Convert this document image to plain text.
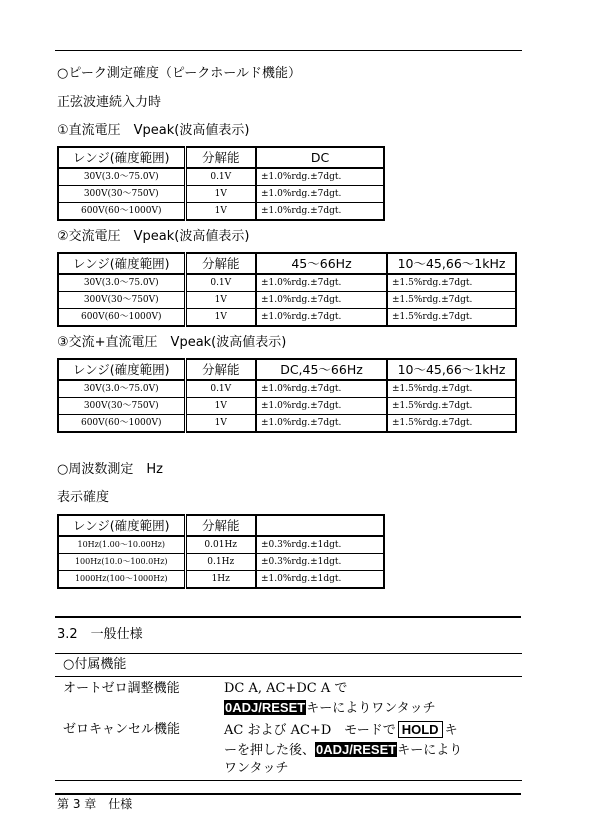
○ピーク測定確度（ピークホールド機能）
正弦波連続入力時
①直流電圧　Vpeak(波高値表示)
レンジ(確度範囲)	分解能	DC
30V(3.0～75.0V)	0.1V	±1.0%rdg.±7dgt.
300V(30～750V)	1V	±1.0%rdg.±7dgt.
600V(60～1000V)	1V	±1.0%rdg.±7dgt.
②交流電圧　Vpeak(波高値表示)
レンジ(確度範囲)	分解能	45～66Hz	10～45,66～1kHz
30V(3.0～75.0V)	0.1V	±1.0%rdg.±7dgt.	±1.5%rdg.±7dgt.
300V(30～750V)	1V	±1.0%rdg.±7dgt.	±1.5%rdg.±7dgt.
600V(60～1000V)	1V	±1.0%rdg.±7dgt.	±1.5%rdg.±7dgt.
③交流+直流電圧　Vpeak(波高値表示)
レンジ(確度範囲)	分解能	DC,45～66Hz	10～45,66～1kHz
30V(3.0～75.0V)	0.1V	±1.0%rdg.±7dgt.	±1.5%rdg.±7dgt.
300V(30～750V)	1V	±1.0%rdg.±7dgt.	±1.5%rdg.±7dgt.
600V(60～1000V)	1V	±1.0%rdg.±7dgt.	±1.5%rdg.±7dgt.
○周波数測定　Hz
表示確度
レンジ(確度範囲)	分解能	
10Hz(1.00～10.00Hz)	0.01Hz	±0.3%rdg.±1dgt.
100Hz(10.0～100.0Hz)	0.1Hz	±0.3%rdg.±1dgt.
1000Hz(100～1000Hz)	1Hz	±1.0%rdg.±1dgt.
3.2　一般仕様
○付属機能
オートゼロ調整機能	DC A, AC+DC A で
0ADJ/RESETキーによりワンタッチ
ゼロキャンセル機能	AC および AC+D　モードで HOLD キ
ーを押した後、0ADJ/RESETキーにより
ワンタッチ
第 3 章　仕様
